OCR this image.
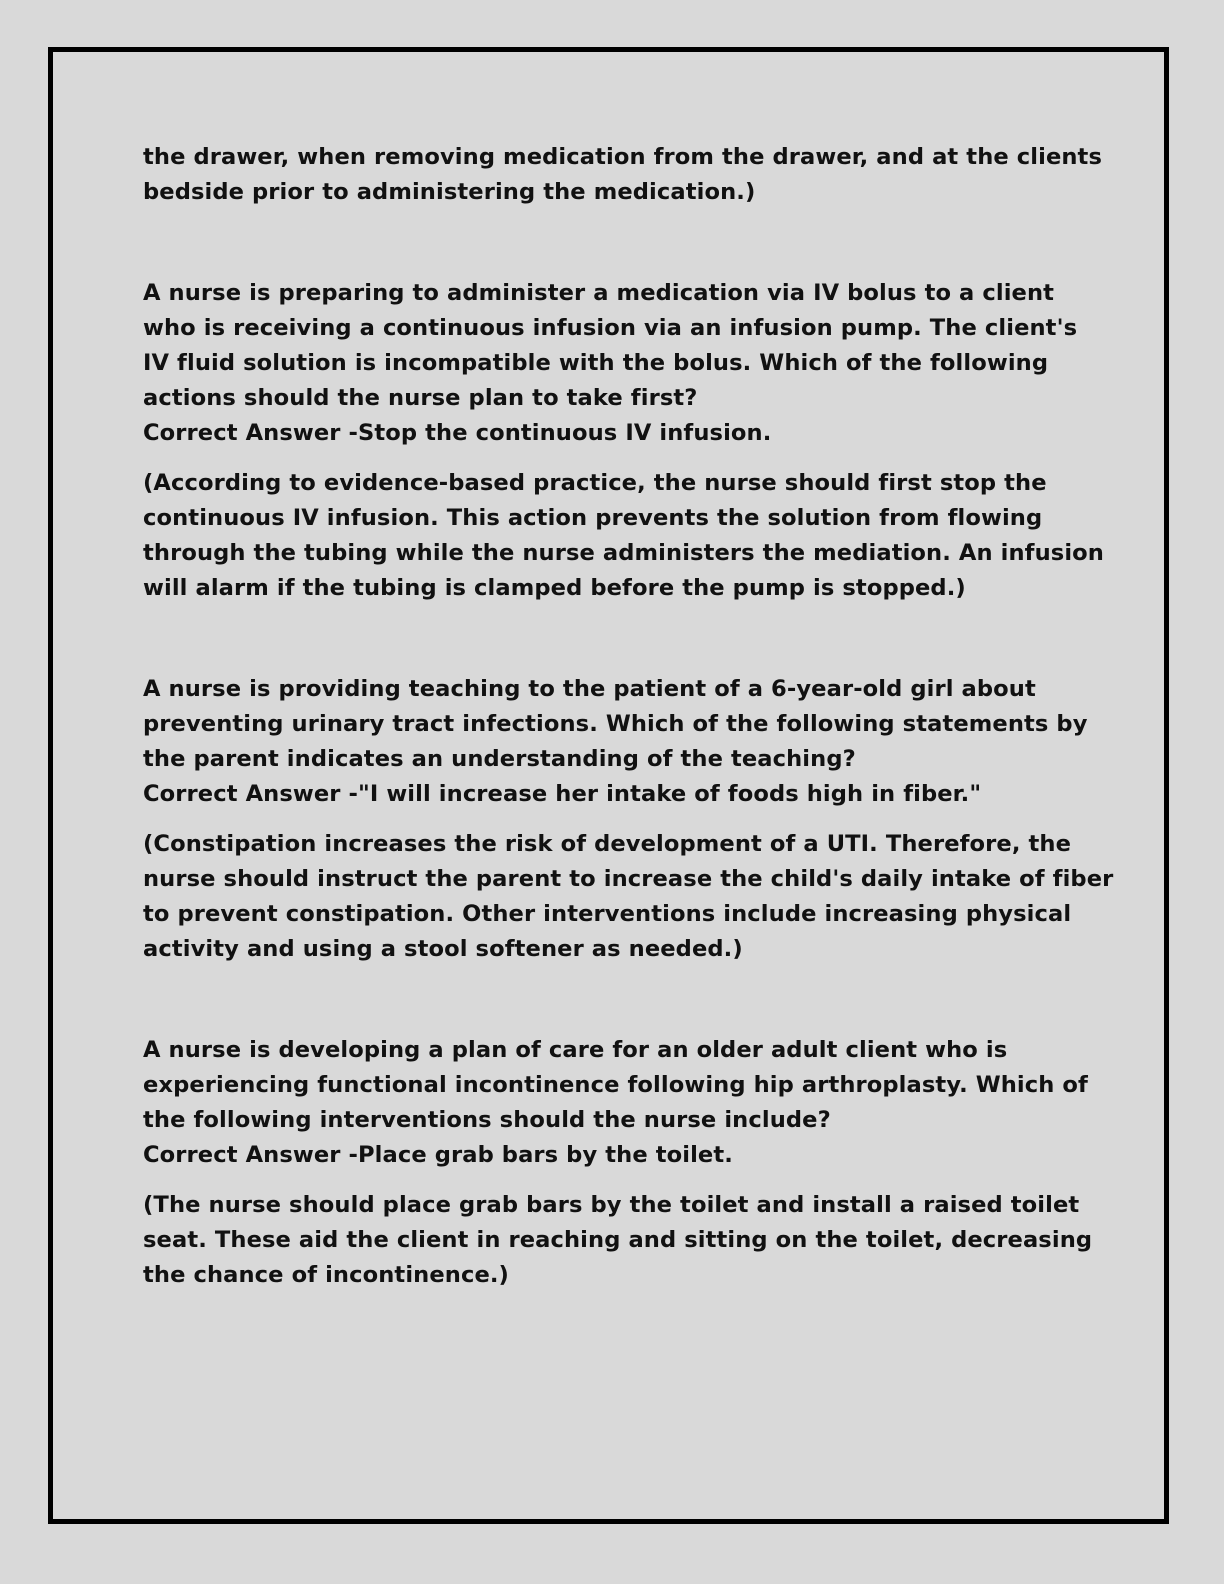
the drawer, when removing medication from the drawer, and at the clients
bedside prior to administering the medication.)
A nurse is preparing to administer a medication via IV bolus to a client
who is receiving a continuous infusion via an infusion pump. The client's
IV fluid solution is incompatible with the bolus. Which of the following
actions should the nurse plan to take first?
Correct Answer -Stop the continuous IV infusion.
(According to evidence-based practice, the nurse should first stop the
continuous IV infusion. This action prevents the solution from flowing
through the tubing while the nurse administers the mediation. An infusion
will alarm if the tubing is clamped before the pump is stopped.)
A nurse is providing teaching to the patient of a 6-year-old girl about
preventing urinary tract infections. Which of the following statements by
the parent indicates an understanding of the teaching?
Correct Answer -"I will increase her intake of foods high in fiber."
(Constipation increases the risk of development of a UTI. Therefore, the
nurse should instruct the parent to increase the child's daily intake of fiber
to prevent constipation. Other interventions include increasing physical
activity and using a stool softener as needed.)
A nurse is developing a plan of care for an older adult client who is
experiencing functional incontinence following hip arthroplasty. Which of
the following interventions should the nurse include?
Correct Answer -Place grab bars by the toilet.
(The nurse should place grab bars by the toilet and install a raised toilet
seat. These aid the client in reaching and sitting on the toilet, decreasing
the chance of incontinence.)
